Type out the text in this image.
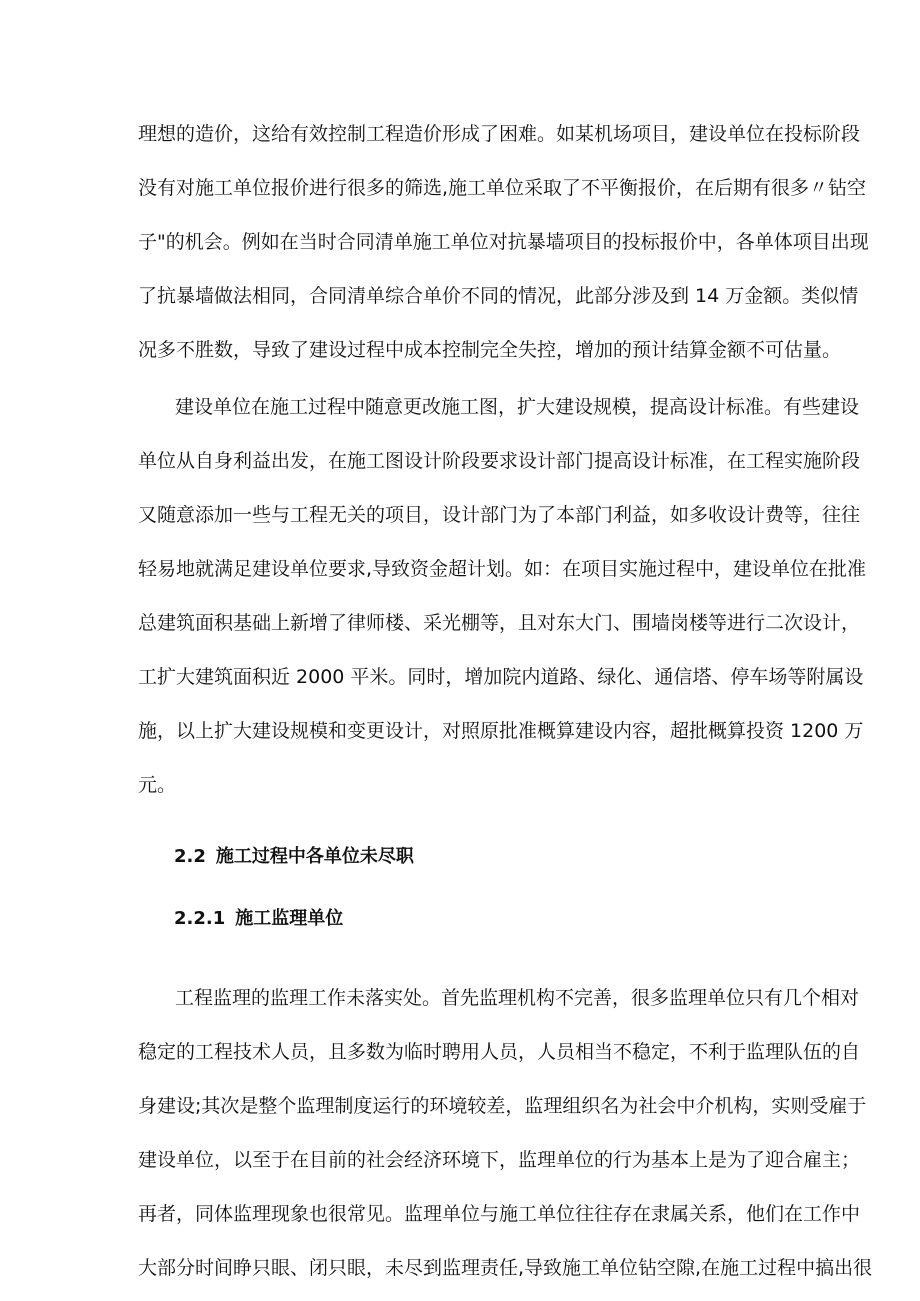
理想的造价，这给有效控制工程造价形成了困难。如某机场项目，建设单位在投标阶段
没有对施工单位报价进行很多的筛选,施工单位采取了不平衡报价，在后期有很多〃钻空
子"的机会。例如在当时合同清单施工单位对抗暴墙项目的投标报价中，各单体项目出现
了抗暴墙做法相同，合同清单综合单价不同的情况，此部分涉及到 14 万金额。类似情
况多不胜数，导致了建设过程中成本控制完全失控，增加的预计结算金额不可估量。
建设单位在施工过程中随意更改施工图，扩大建设规模，提高设计标准。有些建设
单位从自身利益出发，在施工图设计阶段要求设计部门提高设计标准，在工程实施阶段
又随意添加一些与工程无关的项目，设计部门为了本部门利益，如多收设计费等，往往
轻易地就满足建设单位要求,导致资金超计划。如：在项目实施过程中，建设单位在批准
总建筑面积基础上新增了律师楼、采光棚等，且对东大门、围墙岗楼等进行二次设计，
工扩大建筑面积近 2000 平米。同时，增加院内道路、绿化、通信塔、停车场等附属设
施，以上扩大建设规模和变更设计，对照原批准概算建设内容，超批概算投资 1200 万
元。
2.2 施工过程中各单位未尽职
2.2.1 施工监理单位
工程监理的监理工作未落实处。首先监理机构不完善，很多监理单位只有几个相对
稳定的工程技术人员，且多数为临时聘用人员，人员相当不稳定，不利于监理队伍的自
身建设;其次是整个监理制度运行的环境较差，监理组织名为社会中介机构，实则受雇于
建设单位，以至于在目前的社会经济环境下，监理单位的行为基本上是为了迎合雇主；
再者，同体监理现象也很常见。监理单位与施工单位往往存在隶属关系，他们在工作中
大部分时间睁只眼、闭只眼，未尽到监理责任,导致施工单位钻空隙,在施工过程中搞出很
